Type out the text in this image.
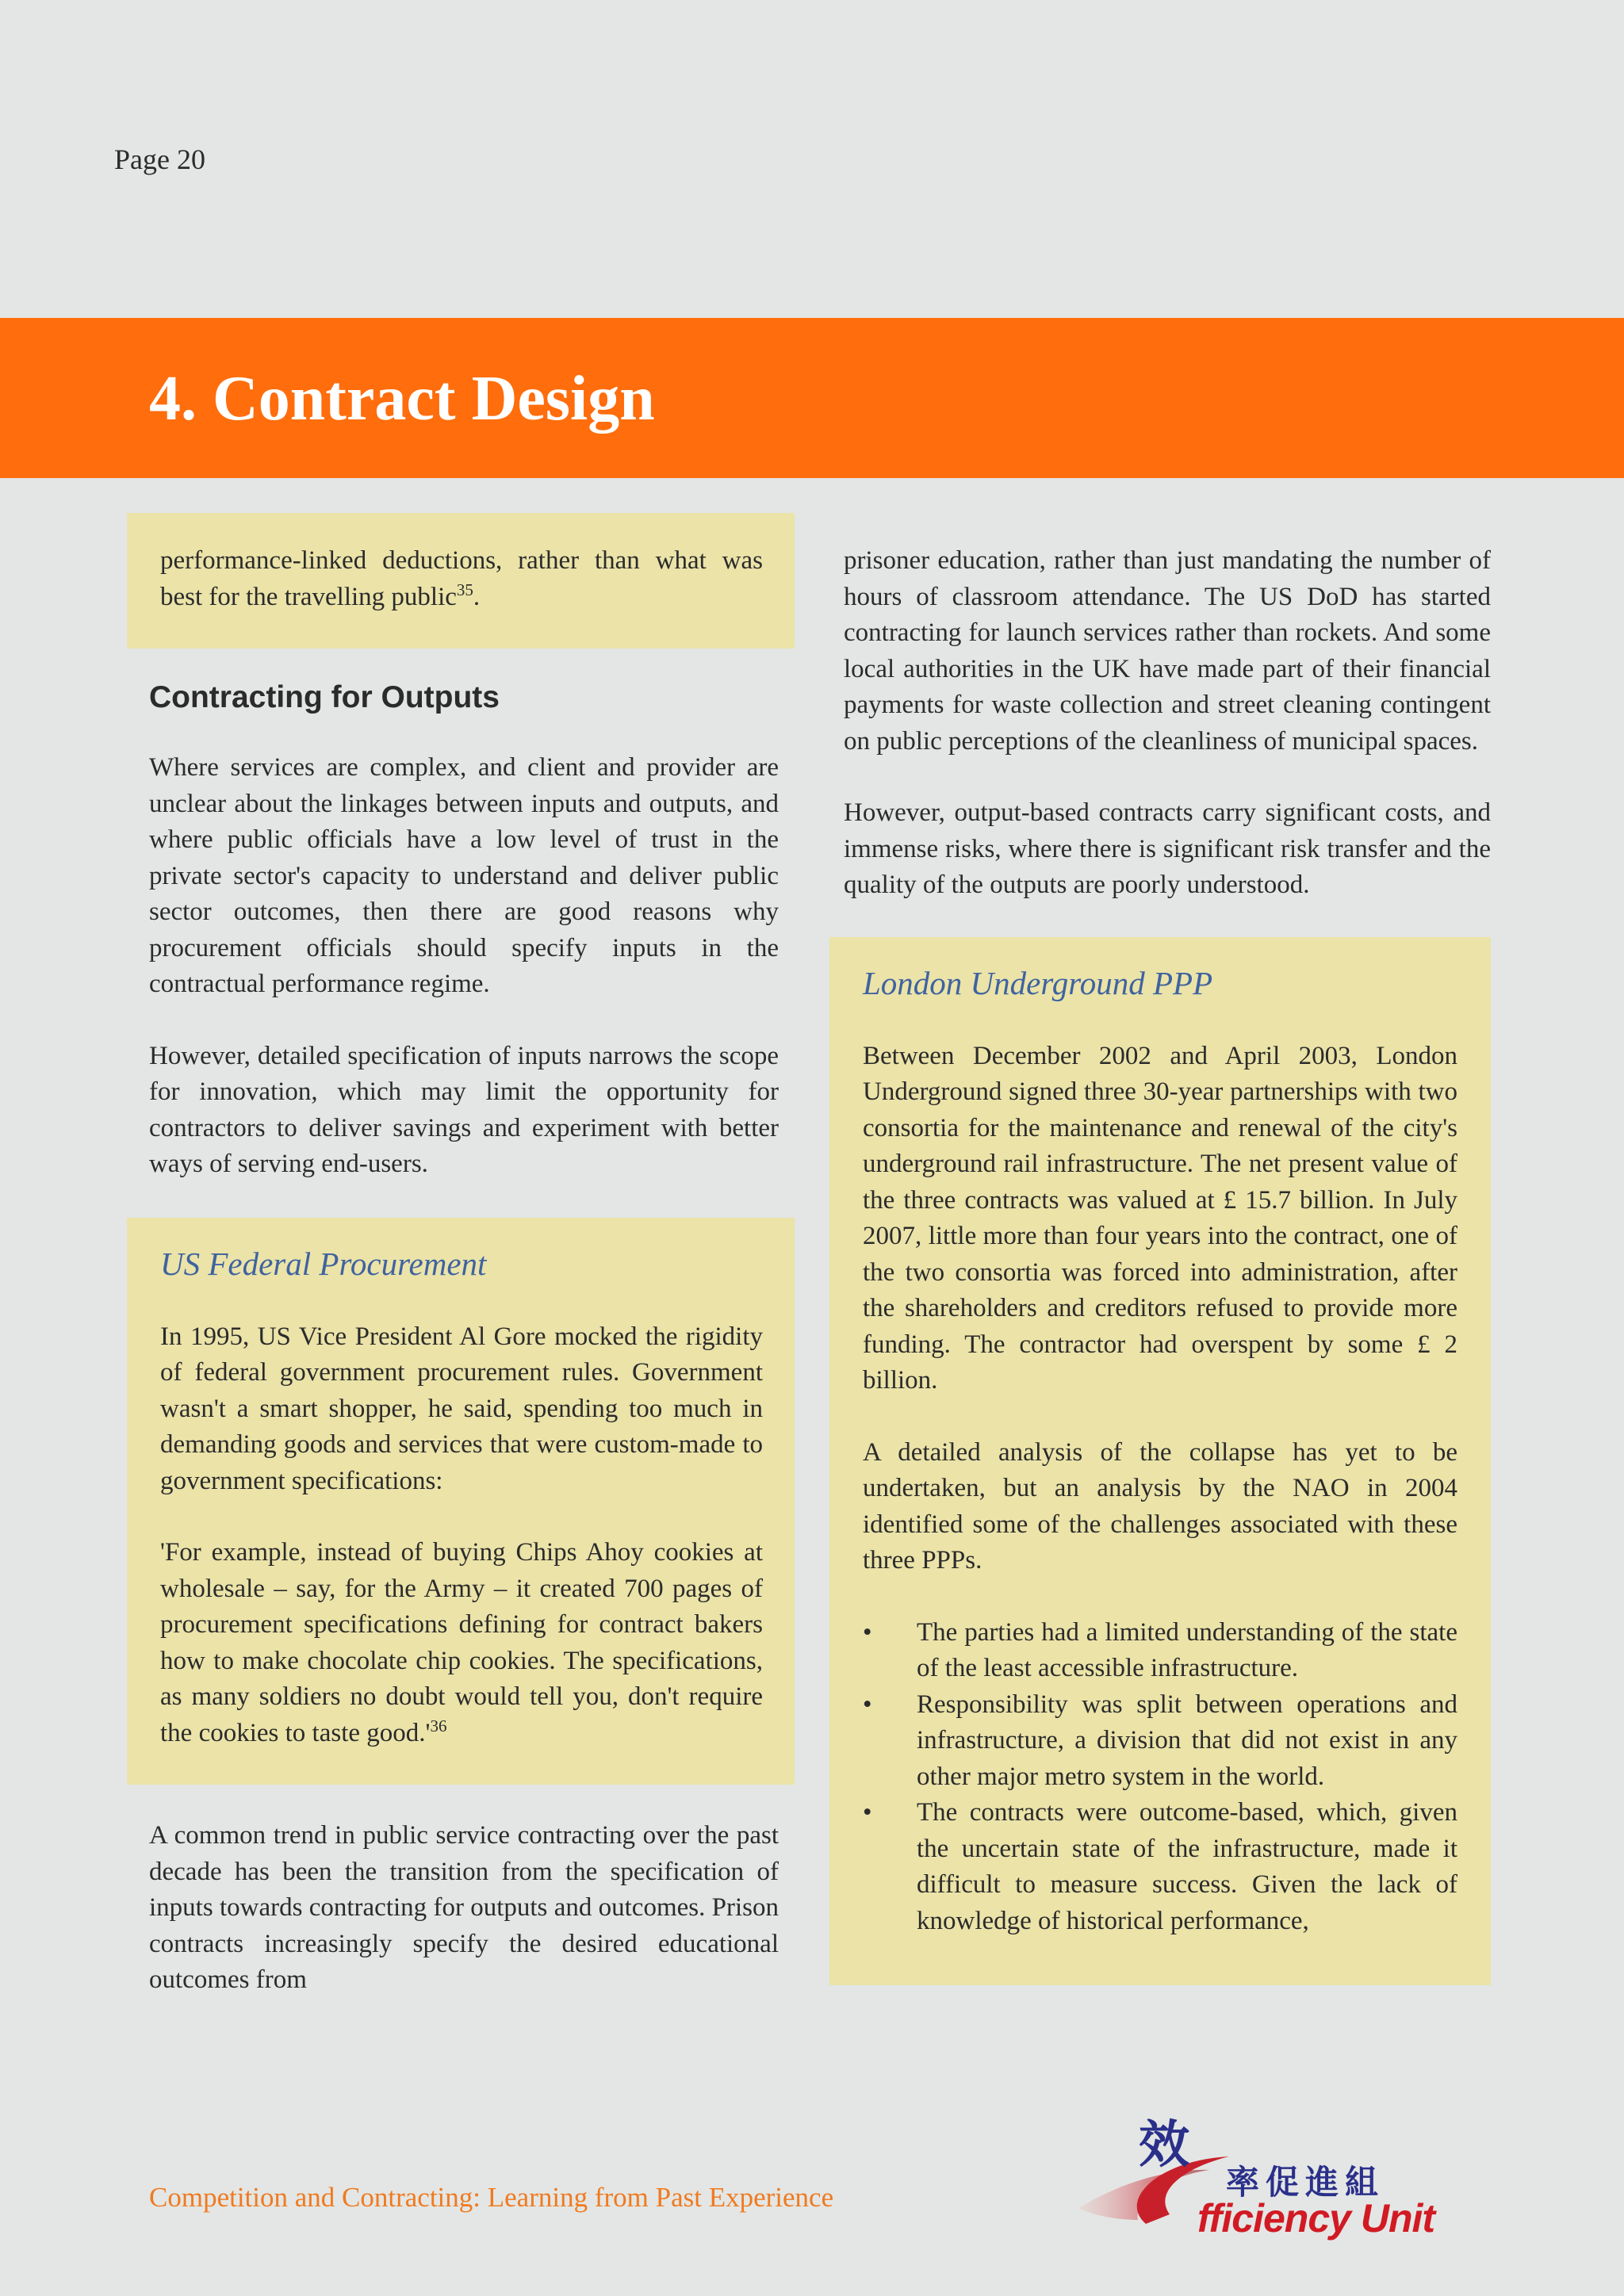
Page 20
4. Contract Design

performance-linked deductions, rather than what was best for the travelling public$^{35}$.

Contracting for Outputs

Where services are complex, and client and provider are unclear about the linkages between inputs and outputs, and where public officials have a low level of trust in the private sector's capacity to understand and deliver public sector outcomes, then there are good reasons why procurement officials should specify inputs in the contractual performance regime.

However, detailed specification of inputs narrows the scope for innovation, which may limit the opportunity for contractors to deliver savings and experiment with better ways of serving end-users.

US Federal Procurement

In 1995, US Vice President Al Gore mocked the rigidity of federal government procurement rules. Government wasn't a smart shopper, he said, spending too much in demanding goods and services that were custom-made to government specifications:

'For example, instead of buying Chips Ahoy cookies at wholesale – say, for the Army – it created 700 pages of procurement specifications defining for contract bakers how to make chocolate chip cookies. The specifications, as many soldiers no doubt would tell you, don't require the cookies to taste $good.'^{36}$

A common trend in public service contracting over the past decade has been the transition from the specification of inputs towards contracting for outputs and outcomes. Prison contracts increasingly specify the desired educational outcomes from

prisoner education, rather than just mandating the number of hours of classroom attendance. The US DoD has started contracting for launch services rather than rockets. And some local authorities in the UK have made part of their financial payments for waste collection and street cleaning contingent on public perceptions of the cleanliness of municipal spaces.

However, output-based contracts carry significant costs, and immense risks, where there is significant risk transfer and the quality of the outputs are poorly understood.

London Underground PPP

Between December 2002 and April 2003, London Underground signed three 30-year partnerships with two consortia for the maintenance and renewal of the city's underground rail infrastructure. The net present value of the three contracts was valued at £ 15.7 billion. In July 2007, little more than four years into the contract, one of the two consortia was forced into administration, after the shareholders and creditors refused to provide more funding. The contractor had overspent by some £ 2 billion.

A detailed analysis of the collapse has yet to be undertaken, but an analysis by the NAO in 2004 identified some of the challenges associated with these three PPPs.

• The parties had a limited understanding of the state of the least accessible infrastructure.
• Responsibility was split between operations and infrastructure, a division that did not exist in any other major metro system in the world.
• The contracts were outcome-based, which, given the uncertain state of the infrastructure, made it difficult to measure success. Given the lack of knowledge of historical performance,
Competition and Contracting: Learning from Past Experience
效
率促進組
fficiency Unit
